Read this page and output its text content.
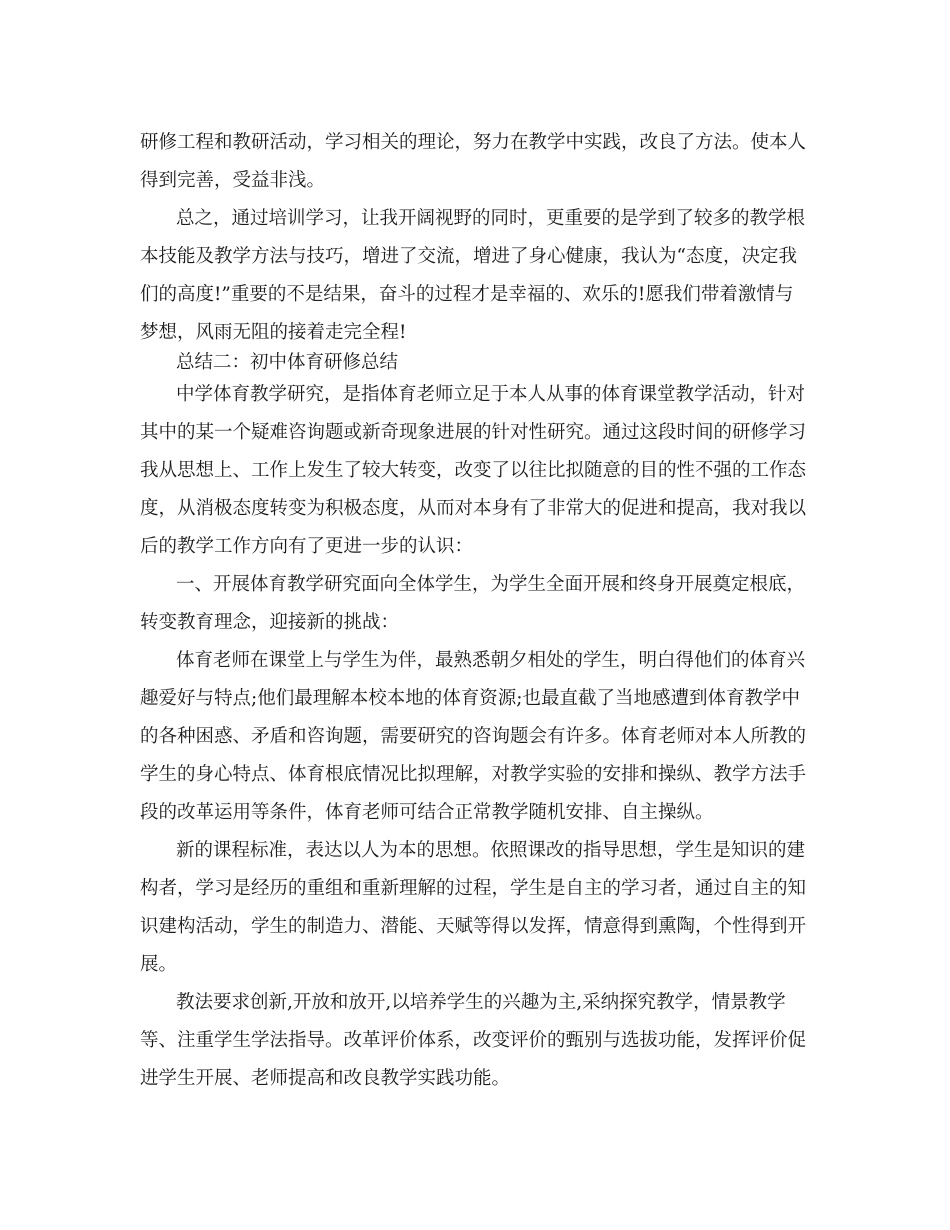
研修工程和教研活动，学习相关的理论，努力在教学中实践，改良了方法。使本人
得到完善，受益非浅。
总之，通过培训学习，让我开阔视野的同时，更重要的是学到了较多的教学根
本技能及教学方法与技巧，增进了交流，增进了身心健康，我认为“态度，决定我
们的高度!”重要的不是结果，奋斗的过程才是幸福的、欢乐的!愿我们带着激情与
梦想，风雨无阻的接着走完全程!
总结二：初中体育研修总结
中学体育教学研究，是指体育老师立足于本人从事的体育课堂教学活动，针对
其中的某一个疑难咨询题或新奇现象进展的针对性研究。通过这段时间的研修学习
我从思想上、工作上发生了较大转变，改变了以往比拟随意的目的性不强的工作态
度，从消极态度转变为积极态度，从而对本身有了非常大的促进和提高，我对我以
后的教学工作方向有了更进一步的认识：
一、开展体育教学研究面向全体学生，为学生全面开展和终身开展奠定根底，
转变教育理念，迎接新的挑战：
体育老师在课堂上与学生为伴，最熟悉朝夕相处的学生，明白得他们的体育兴
趣爱好与特点;他们最理解本校本地的体育资源;也最直截了当地感遭到体育教学中
的各种困惑、矛盾和咨询题，需要研究的咨询题会有许多。体育老师对本人所教的
学生的身心特点、体育根底情况比拟理解，对教学实验的安排和操纵、教学方法手
段的改革运用等条件，体育老师可结合正常教学随机安排、自主操纵。
新的课程标准，表达以人为本的思想。依照课改的指导思想，学生是知识的建
构者，学习是经历的重组和重新理解的过程，学生是自主的学习者，通过自主的知
识建构活动，学生的制造力、潜能、天赋等得以发挥，情意得到熏陶，个性得到开
展。
教法要求创新,开放和放开,以培养学生的兴趣为主,采纳探究教学，情景教学
等、注重学生学法指导。改革评价体系，改变评价的甄别与选拔功能，发挥评价促
进学生开展、老师提高和改良教学实践功能。
